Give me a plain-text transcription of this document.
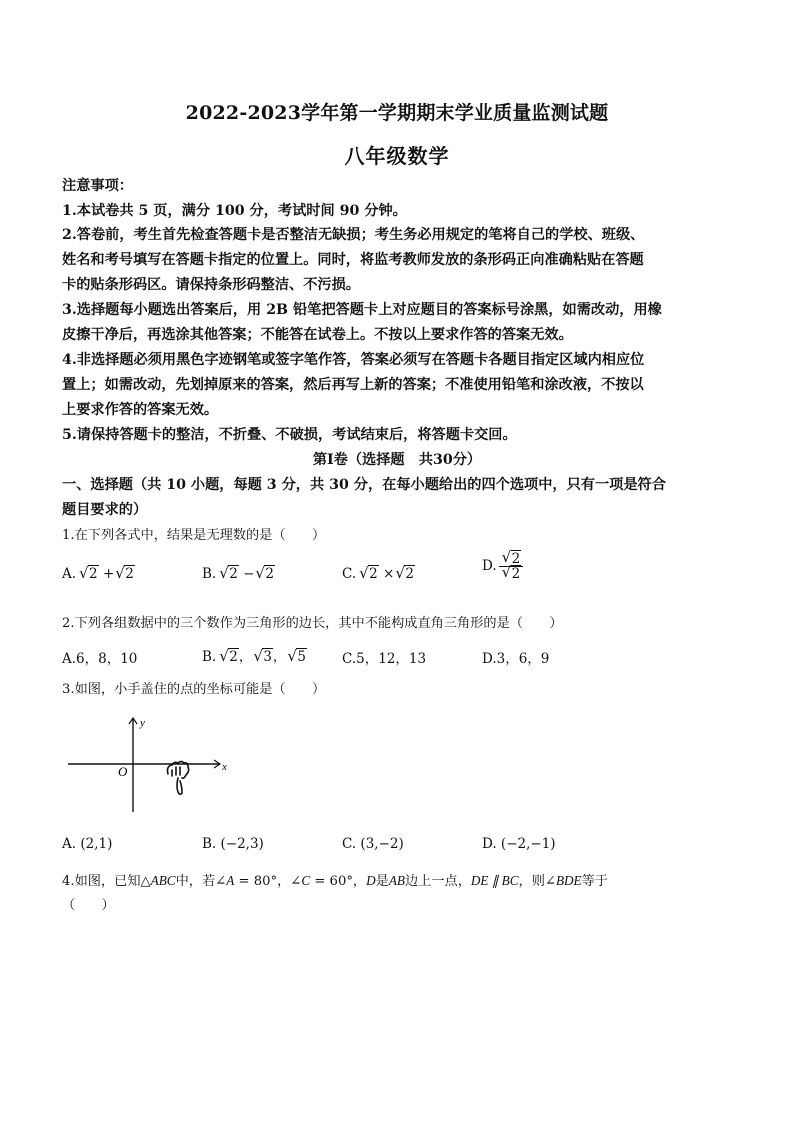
2022-2023学年第一学期期末学业质量监测试题
八年级数学
注意事项：
1.本试卷共 5 页，满分 100 分，考试时间 90 分钟。
2.答卷前，考生首先检查答题卡是否整洁无缺损；考生务必用规定的笔将自己的学校、班级、
姓名和考号填写在答题卡指定的位置上。同时，将监考教师发放的条形码正向准确粘贴在答题
卡的贴条形码区。请保持条形码整洁、不污损。
3.选择题每小题选出答案后，用 2B 铅笔把答题卡上对应题目的答案标号涂黑，如需改动，用橡
皮擦干净后，再选涂其他答案；不能答在试卷上。不按以上要求作答的答案无效。
4.非选择题必须用黑色字迹钢笔或签字笔作答，答案必须写在答题卡各题目指定区域内相应位
置上；如需改动，先划掉原来的答案，然后再写上新的答案；不准使用铅笔和涂改液，不按以
上要求作答的答案无效。
5.请保持答题卡的整洁，不折叠、不破损，考试结束后，将答题卡交回。
第Ⅰ卷（选择题　共30分）
一、选择题（共 10 小题，每题 3 分，共 30 分，在每小题给出的四个选项中，只有一项是符合
题目要求的）
1.在下列各式中，结果是无理数的是（　　）
A. √ 2 + √ 2	B. √ 2 − √ 2	C. √ 2 × √ 2	D. √ 2
√ 2
2.下列各组数据中的三个数作为三角形的边长，其中不能构成直角三角形的是（　　）
A.6，8，10	B. √ 2， √ 3， √ 5	C.5，12，13	D.3，6，9
3.如图，小手盖住的点的坐标可能是（　　）
y
x
O
A. (2,1)	B. (−2,3)	C. (3,−2)	D. (−2,−1)
4.如图，已知△ABC中，若∠A = 80°，∠C = 60°，D是AB边上一点，DE ∥ BC，则∠BDE等于
（　　）
